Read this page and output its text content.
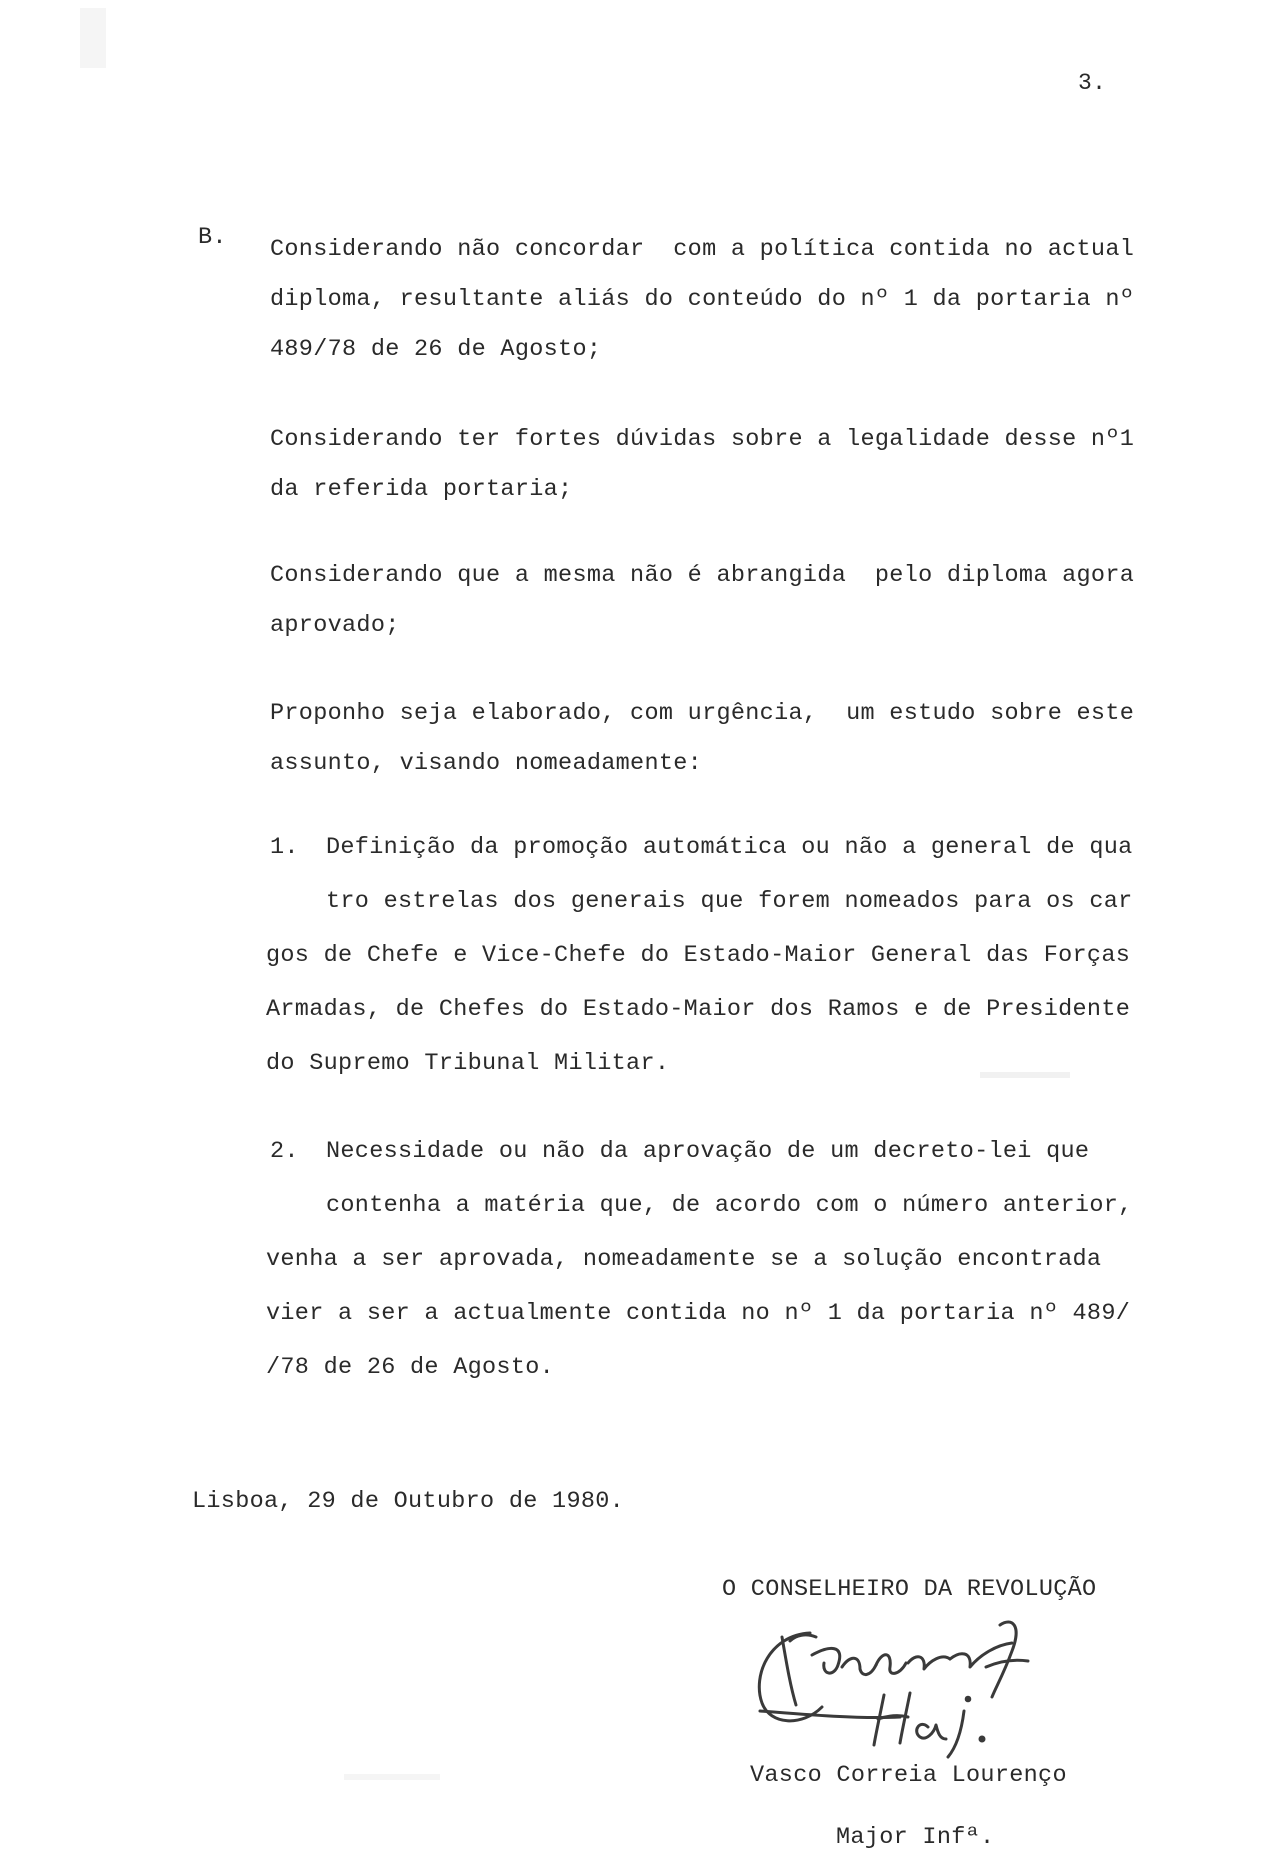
3.
B. Considerando não concordar  com a política contida no actual
diploma, resultante aliás do conteúdo do nº 1 da portaria nº
489/78 de 26 de Agosto;
Considerando ter fortes dúvidas sobre a legalidade desse nº1
da referida portaria;
Considerando que a mesma não é abrangida  pelo diploma agora
aprovado;
Proponho seja elaborado, com urgência,  um estudo sobre este
assunto, visando nomeadamente:
1. Definição da promoção automática ou não a general de qua
tro estrelas dos generais que forem nomeados para os car
gos de Chefe e Vice-Chefe do Estado-Maior General das Forças
Armadas, de Chefes do Estado-Maior dos Ramos e de Presidente
do Supremo Tribunal Militar.
2. Necessidade ou não da aprovação de um decreto-lei que
contenha a matéria que, de acordo com o número anterior,
venha a ser aprovada, nomeadamente se a solução encontrada
vier a ser a actualmente contida no nº 1 da portaria nº 489/
/78 de 26 de Agosto.
Lisboa, 29 de Outubro de 1980.
O CONSELHEIRO DA REVOLUÇÃO
Vasco Correia Lourenço
Major Infª.
